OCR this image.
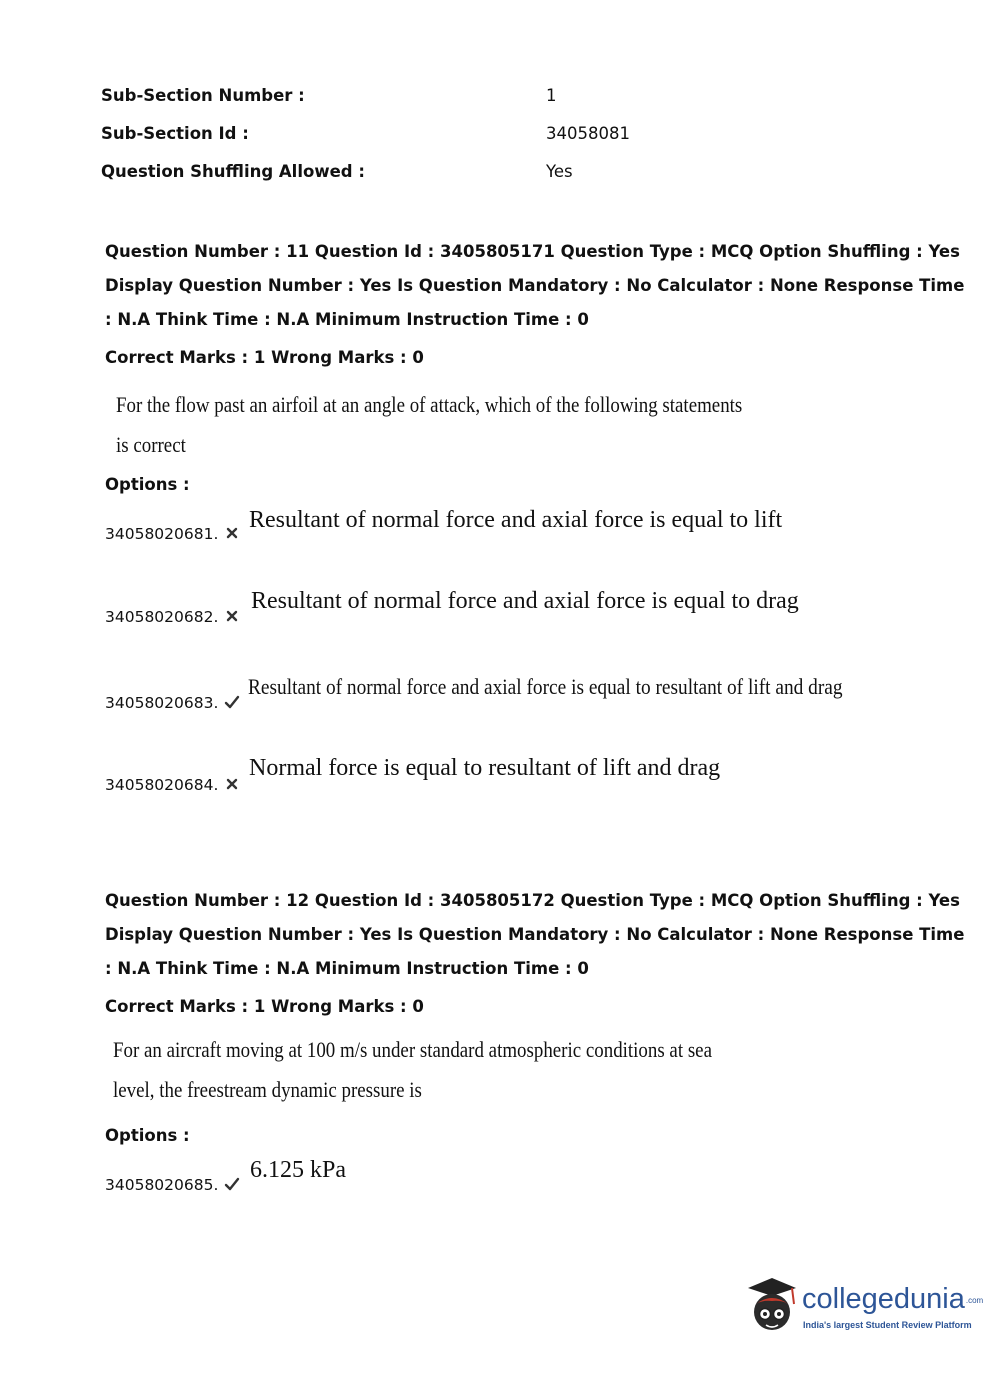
Sub-Section Number :	1
Sub-Section Id :	34058081
Question Shuffling Allowed :	Yes
Question Number : 11 Question Id : 3405805171 Question Type : MCQ Option Shuffling : Yes
Display Question Number : Yes Is Question Mandatory : No Calculator : None Response Time
: N.A Think Time : N.A Minimum Instruction Time : 0
Correct Marks : 1 Wrong Marks : 0
For the flow past an airfoil at an angle of attack, which of the following statements
is correct
Options :
34058020681.
Resultant of normal force and axial force is equal to lift
34058020682.
Resultant of normal force and axial force is equal to drag
34058020683.
Resultant of normal force and axial force is equal to resultant of lift and drag
34058020684.
Normal force is equal to resultant of lift and drag
Question Number : 12 Question Id : 3405805172 Question Type : MCQ Option Shuffling : Yes
Display Question Number : Yes Is Question Mandatory : No Calculator : None Response Time
: N.A Think Time : N.A Minimum Instruction Time : 0
Correct Marks : 1 Wrong Marks : 0
For an aircraft moving at 100 m/s under standard atmospheric conditions at sea
level, the freestream dynamic pressure is
Options :
34058020685.
6.125 kPa
collegedunia.com
India's largest Student Review Platform
